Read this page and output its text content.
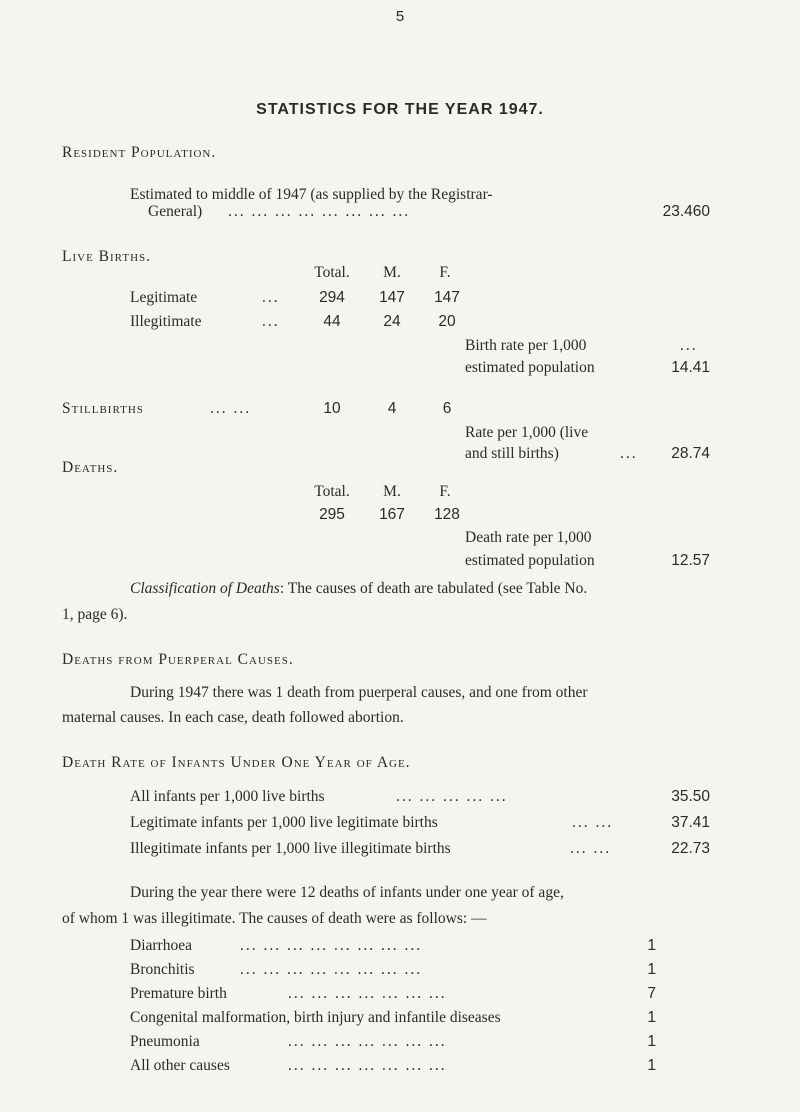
5
STATISTICS FOR THE YEAR 1947.
Resident Population.
Estimated to middle of 1947 (as supplied by the Registrar-
General) ... ... ... ... ... ... ... ...	23.460
Live Births.
Total.	M.	F.
Legitimate	...	294	147	147
Illegitimate	...	44	24	20
Birth rate per 1,000	...
estimated population	14.41
Stillbirths	... ...	10	4	6
Rate per 1,000 (live
and still births)	...	28.74
Deaths.
Total.	M.	F.
295	167	128
Death rate per 1,000
estimated population	12.57
Classification of Deaths: The causes of death are tabulated (see Table No.
1, page 6).
Deaths from Puerperal Causes.
During 1947 there was 1 death from puerperal causes, and one from other
maternal causes. In each case, death followed abortion.
Death Rate of Infants Under One Year of Age.
All infants per 1,000 live births	... ... ... ... ...	35.50
Legitimate infants per 1,000 live legitimate births	... ...	37.41
Illegitimate infants per 1,000 live illegitimate births	... ...	22.73
During the year there were 12 deaths of infants under one year of age,
of whom 1 was illegitimate. The causes of death were as follows: —
Diarrhoea	... ... ... ... ... ... ... ...	1
Bronchitis	... ... ... ... ... ... ... ...	1
Premature birth	... ... ... ... ... ... ...	7
Congenital malformation, birth injury and infantile diseases	1
Pneumonia	... ... ... ... ... ... ...	1
All other causes	... ... ... ... ... ... ...	1
